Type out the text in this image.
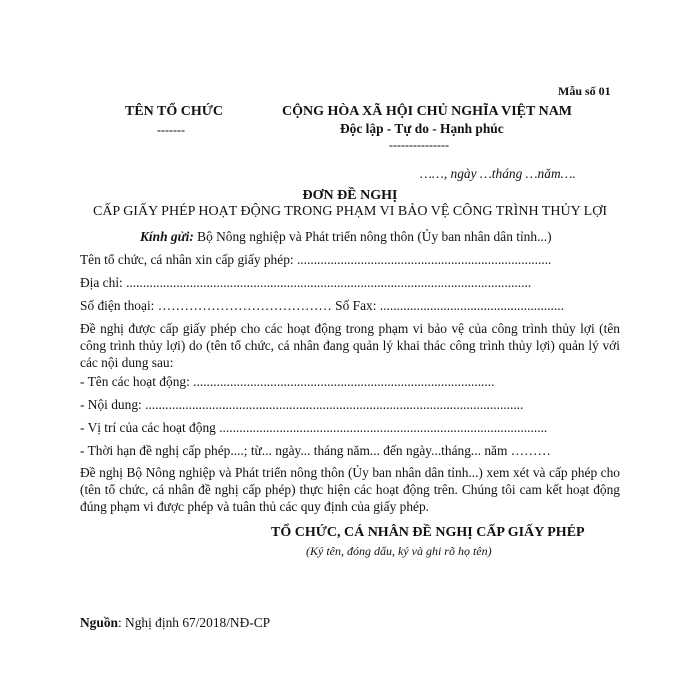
Mẫu số 01
TÊN TỔ CHỨC
-------
CỘNG HÒA XÃ HỘI CHỦ NGHĨA VIỆT NAM
Độc lập - Tự do - Hạnh phúc
---------------
……, ngày …tháng …năm….
ĐƠN ĐỀ NGHỊ
CẤP GIẤY PHÉP HOẠT ĐỘNG TRONG PHẠM VI BẢO VỆ CÔNG TRÌNH THỦY LỢI
Kính gửi: Bộ Nông nghiệp và Phát triển nông thôn (Ủy ban nhân dân tỉnh...)
Tên tổ chức, cá nhân xin cấp giấy phép: ............................................................................
Địa chỉ: .........................................................................................................................
Số điện thoại: ………………………………… Số Fax: .......................................................
Đề nghị được cấp giấy phép cho các hoạt động trong phạm vi bảo vệ của công trình thủy lợi (tên công trình thủy lợi) do (tên tổ chức, cá nhân đang quản lý khai thác công trình thủy lợi) quản lý với các nội dung sau:
- Tên các hoạt động: ..........................................................................................
- Nội dung: .................................................................................................................
- Vị trí của các hoạt động ..................................................................................................
- Thời hạn đề nghị cấp phép....; từ... ngày... tháng năm... đến ngày...tháng... năm ………
Đề nghị Bộ Nông nghiệp và Phát triển nông thôn (Ủy ban nhân dân tỉnh...) xem xét và cấp phép cho (tên tổ chức, cá nhân đề nghị cấp phép) thực hiện các hoạt động trên. Chúng tôi cam kết hoạt động đúng phạm vi được phép và tuân thủ các quy định của giấy phép.
TỔ CHỨC, CÁ NHÂN ĐỀ NGHỊ CẤP GIẤY PHÉP
(Ký tên, đóng dấu, ký và ghi rõ họ tên)
Nguồn: Nghị định 67/2018/NĐ-CP
